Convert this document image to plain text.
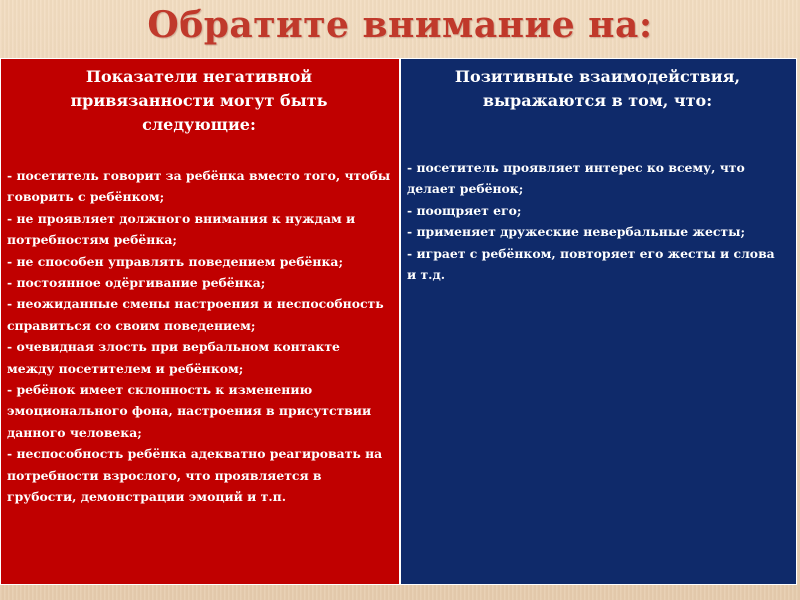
Обратите внимание на:

Показатели негативной привязанности могут быть следующие:

- посетитель говорит за ребёнка вместо того, чтобы говорить с ребёнком;
- не проявляет должного внимания к нуждам и потребностям ребёнка;
- не способен управлять поведением ребёнка;
- постоянное одёргивание ребёнка;
- неожиданные смены настроения и неспособность справиться со своим поведением;
- очевидная злость при вербальном контакте между посетителем и ребёнком;
- ребёнок имеет склонность к изменению эмоционального фона, настроения в присутствии данного человека;
- неспособность ребёнка адекватно реагировать на потребности взрослого, что проявляется в грубости, демонстрации эмоций и т.п.

Позитивные взаимодействия, выражаются в том, что:

- посетитель проявляет интерес ко всему, что делает ребёнок;
- поощряет его;
- применяет дружеские невербальные жесты;
- играет с ребёнком, повторяет его жесты и слова и т.д.
